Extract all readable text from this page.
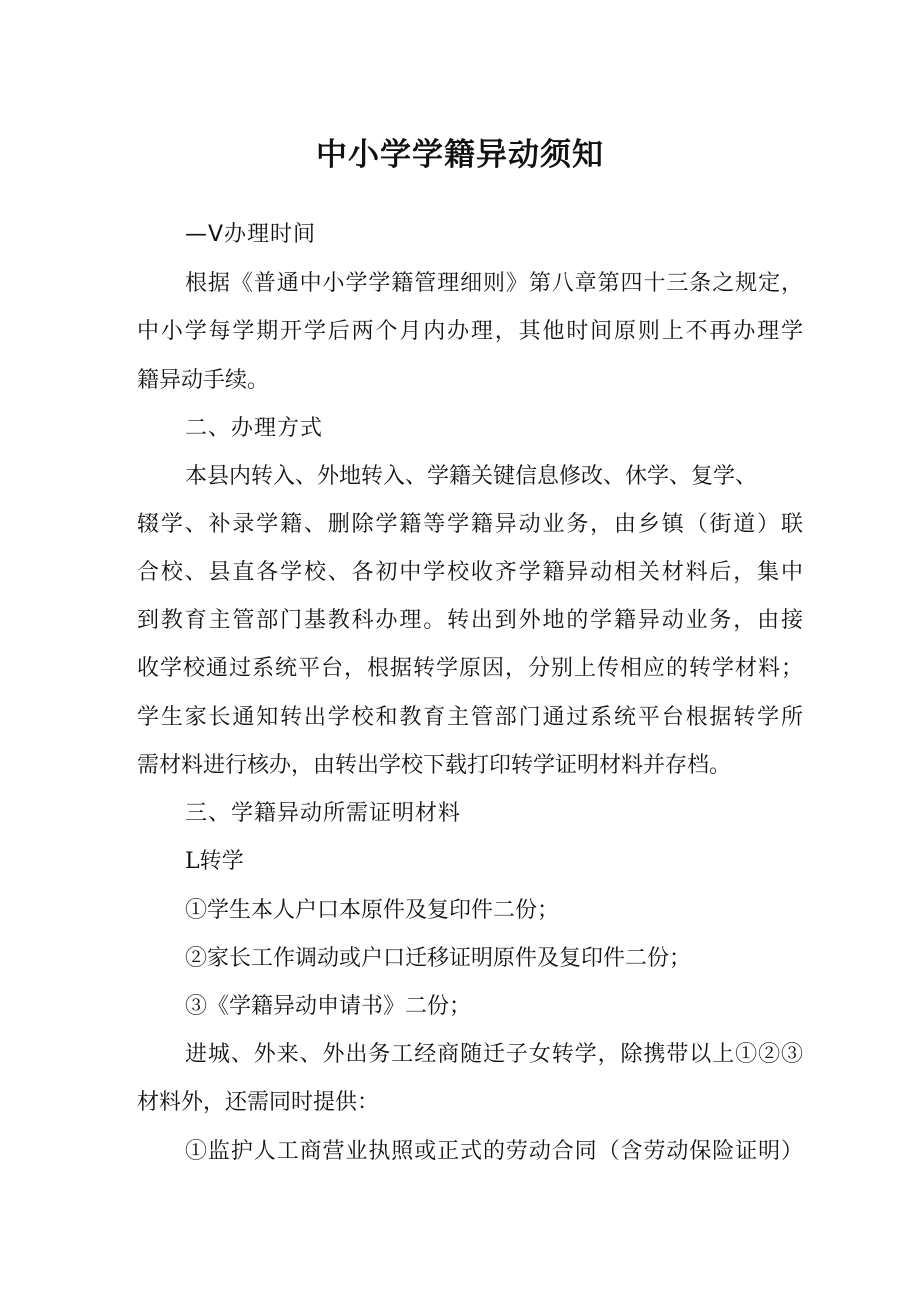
中小学学籍异动须知

—V办理时间

根据《普通中小学学籍管理细则》第八章第四十三条之规定，

中小学每学期开学后两个月内办理，其他时间原则上不再办理学

籍异动手续。

二、办理方式

本县内转入、外地转入、学籍关键信息修改、休学、复学、

辍学、补录学籍、删除学籍等学籍异动业务，由乡镇（街道）联

合校、县直各学校、各初中学校收齐学籍异动相关材料后，集中

到教育主管部门基教科办理。转出到外地的学籍异动业务，由接

收学校通过系统平台，根据转学原因，分别上传相应的转学材料；

学生家长通知转出学校和教育主管部门通过系统平台根据转学所

需材料进行核办，由转出学校下载打印转学证明材料并存档。

三、学籍异动所需证明材料

L转学

①学生本人户口本原件及复印件二份；

②家长工作调动或户口迁移证明原件及复印件二份；

③《学籍异动申请书》二份；

进城、外来、外出务工经商随迁子女转学，除携带以上①②③

材料外，还需同时提供：

①监护人工商营业执照或正式的劳动合同（含劳动保险证明）
